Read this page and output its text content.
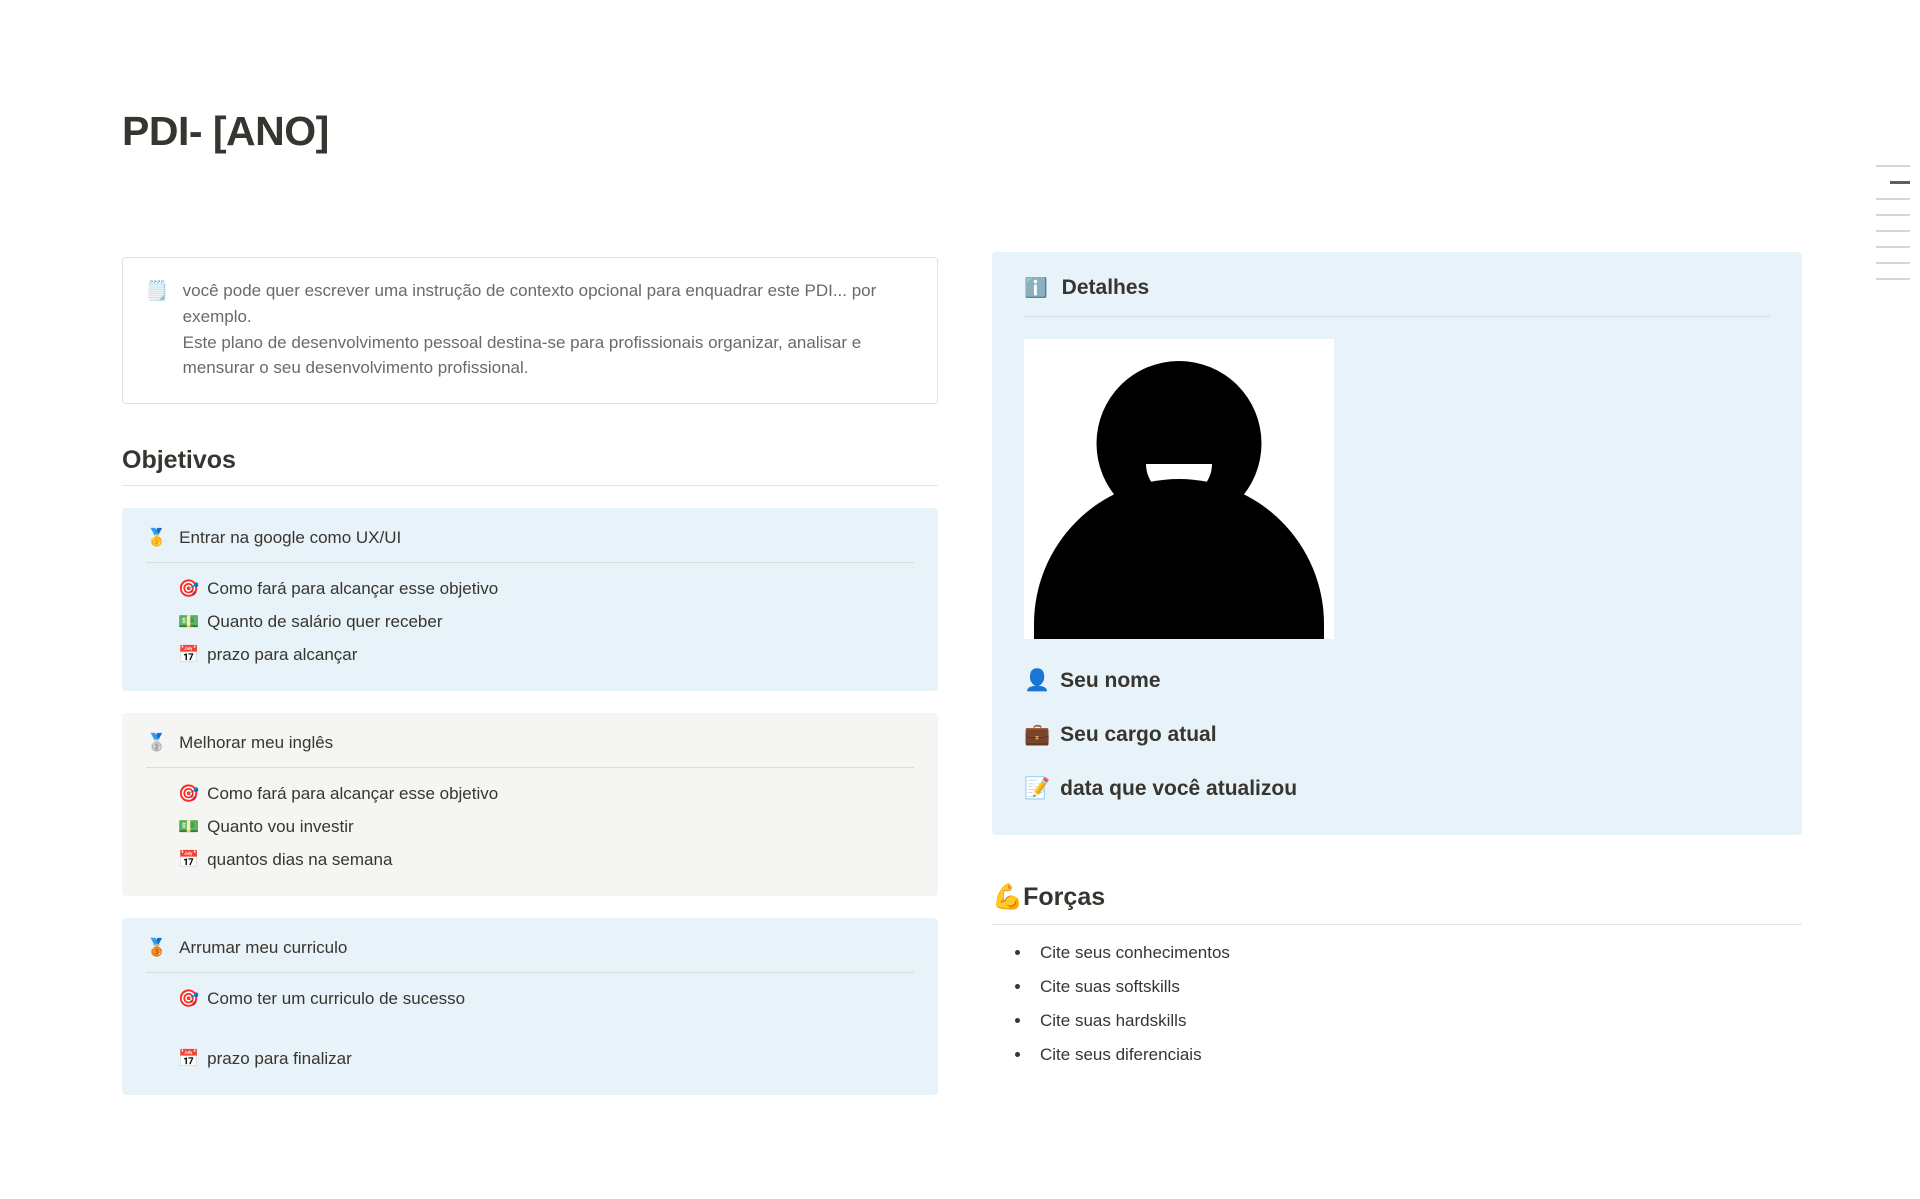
PDI- [ANO]
🗒️ você pode quer escrever uma instrução de contexto opcional para enquadrar este PDI... por exemplo.

Este plano de desenvolvimento pessoal destina-se para profissionais organizar, analisar e mensurar o seu desenvolvimento profissional.

Objetivos
🥇 Entrar na google como UX/UI
🎯 Como fará para alcançar esse objetivo
💵 Quanto de salário quer receber
📅 prazo para alcançar
🥈 Melhorar meu inglês
🎯 Como fará para alcançar esse objetivo
💵 Quanto vou investir
📅 quantos dias na semana
🥉 Arrumar meu curriculo
🎯 Como ter um curriculo de sucesso
📅 prazo para finalizar
ℹ️ Detalhes
👤 Seu nome
💼 Seu cargo atual
📝 data que você atualizou
💪 Forças
• Cite seus conhecimentos
• Cite suas softskills
• Cite suas hardskills
• Cite seus diferenciais
